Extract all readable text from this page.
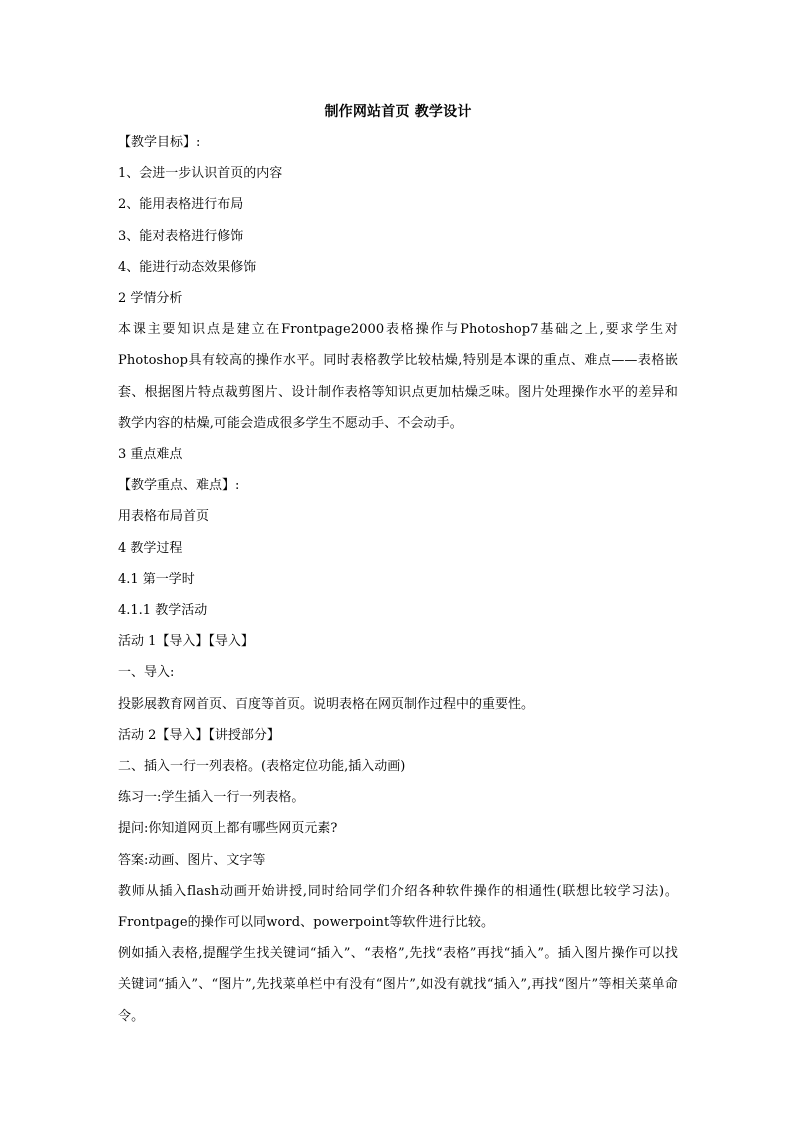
制作网站首页 教学设计

【教学目标】:

1、会进一步认识首页的内容

2、能用表格进行布局

3、能对表格进行修饰

4、能进行动态效果修饰

2 学情分析

本课主要知识点是建立在Frontpage2000表格操作与Photoshop7基础之上,要求学生对Photoshop具有较高的操作水平。同时表格教学比较枯燥,特别是本课的重点、难点——表格嵌套、根据图片特点裁剪图片、设计制作表格等知识点更加枯燥乏味。图片处理操作水平的差异和教学内容的枯燥,可能会造成很多学生不愿动手、不会动手。

3 重点难点

【教学重点、难点】:

用表格布局首页

4 教学过程

4.1 第一学时

4.1.1 教学活动

活动 1【导入】【导入】

一、导入:

投影展教育网首页、百度等首页。说明表格在网页制作过程中的重要性。

活动 2【导入】【讲授部分】

二、插入一行一列表格。(表格定位功能,插入动画)

练习一:学生插入一行一列表格。

提问:你知道网页上都有哪些网页元素?

答案:动画、图片、文字等

教师从插入flash动画开始讲授,同时给同学们介绍各种软件操作的相通性(联想比较学习法)。Frontpage的操作可以同word、powerpoint等软件进行比较。

例如插入表格,提醒学生找关键词“插入”、“表格”,先找“表格”再找“插入”。插入图片操作可以找关键词“插入”、“图片”,先找菜单栏中有没有“图片”,如没有就找“插入”,再找“图片”等相关菜单命令。
